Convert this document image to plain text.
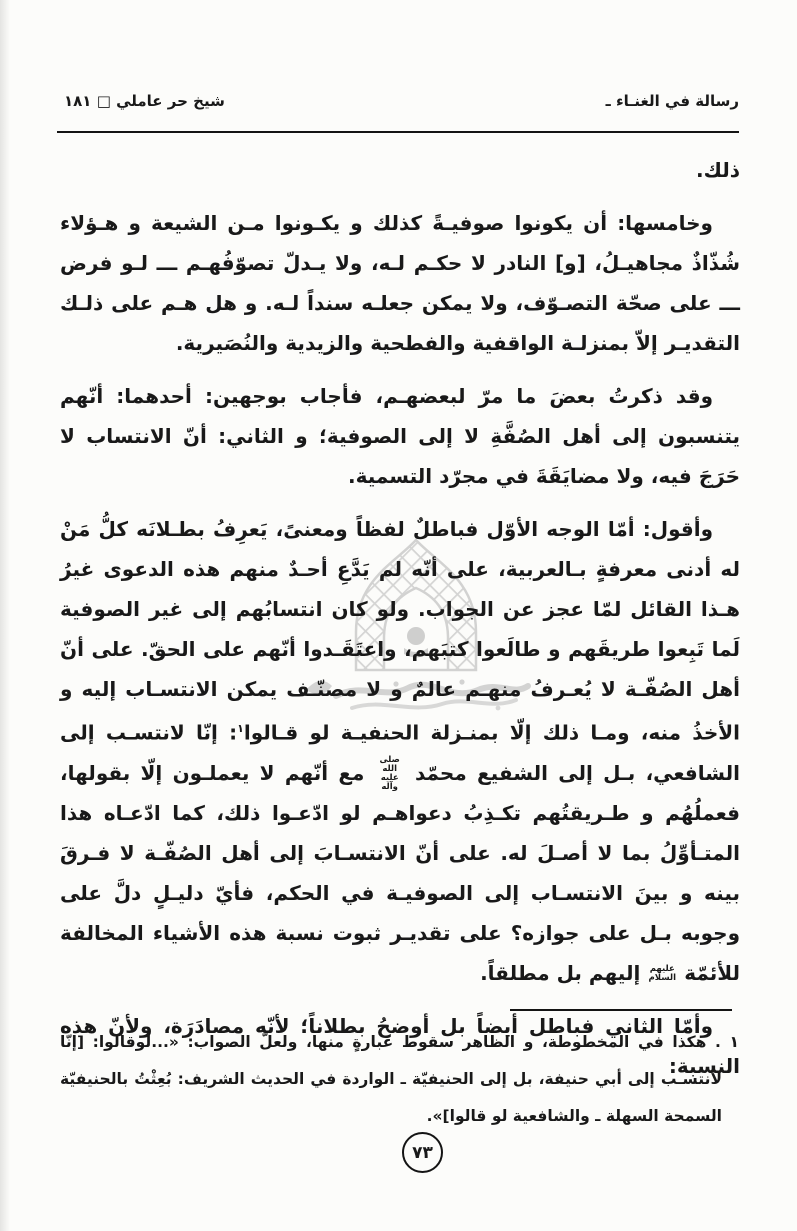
رسالة في الغنـاء ـ
شيخ حر عاملي □ ١٨١

ذلك.

وخامسها: أن يكونوا صوفيـةً كذلك و يكـونوا مـن الشيعة و هـؤلاء شُذّاذٌ مجاهيـلُ، [و] النادر لا حكـم لـه، ولا يـدلّ تصوّفُهـم ـــ لـو فرض ـــ على صحّة التصـوّف، ولا يمكن جعلـه سنداً لـه. و هل هـم على ذلـك التقديـر إلاّ بمنزلـة الواقفية والفطحية والزيدية والنُصَيرية.

وقد ذكرتُ بعضَ ما مرّ لبعضهـم، فأجاب بوجهين: أحدهما: أنّهم يتنسبون إلى أهل الصُفَّةِ لا إلى الصوفية؛ و الثاني: أنّ الانتساب لا حَرَجَ فيه، ولا مضايَقَةَ في مجرّد التسمية.

وأقول: أمّا الوجه الأوّل فباطلٌ لفظاً ومعنىً، يَعرِفُ بطـلانَه كلُّ مَنْ له أدنى معرفةٍ بـالعربية، على أنّه لم يَدَّعِ أحـدٌ منهم هذه الدعوى غيرُ هـذا القائل لمّا عجز عن الجواب. ولو كان انتسابُهم إلى غير الصوفية لَما تَبِعوا طريقَهم و طالَعوا كتبَهم، واعتَقَـدوا أنّهم على الحقّ. على أنّ أهل الصُفّـة لا يُعـرفُ منهـم عالمٌ و لا مصنّـف يمكن الانتسـاب إليه و الأخذُ منه، ومـا ذلك إلّا بمنـزلة الحنفيـة لو قـالوا$^١$: إنّا لانتسـب إلى الشافعي، بـل إلى الشفيع محمّد صلى الله عليه وآله مع أنّهم لا يعملـون إلّا بقولها، فعملُهُم و طـريقتُهم تكـذِبُ دعواهـم لو ادّعـوا ذلك، كما ادّعـاه هذا المتـأوِّلُ بما لا أصـلَ له. على أنّ الانتسـابَ إلى أهل الصُفّـة لا فـرقَ بينه و بينَ الانتسـاب إلى الصوفيـة في الحكم، فأيّ دليـلٍ دلَّ على وجوبه بـل على جوازه؟ على تقديـر ثبوت نسبة هذه الأشياء المخالفة للأئمّة عليهم السلام إليهم بل مطلقاً.

وأمّا الثاني فباطل أيضاً بل أوضحُ بطلاناً؛ لأنّه مصادَرَة، ولأنّ هذه النسبة:

١ . هكذا في المخطوطة، و الظاهر سقوط عبارةٍ منها، ولعلّ الصواب: «...لوقالوا: [إنّا لانتسـب إلى أبي حنيفة، بل إلى الحنيفيّة ـ الواردة في الحديث الشريف: بُعِثْتُ بالحنيفيّة السمحة السهلة ـ والشافعية لو قالوا]».

٧٣
